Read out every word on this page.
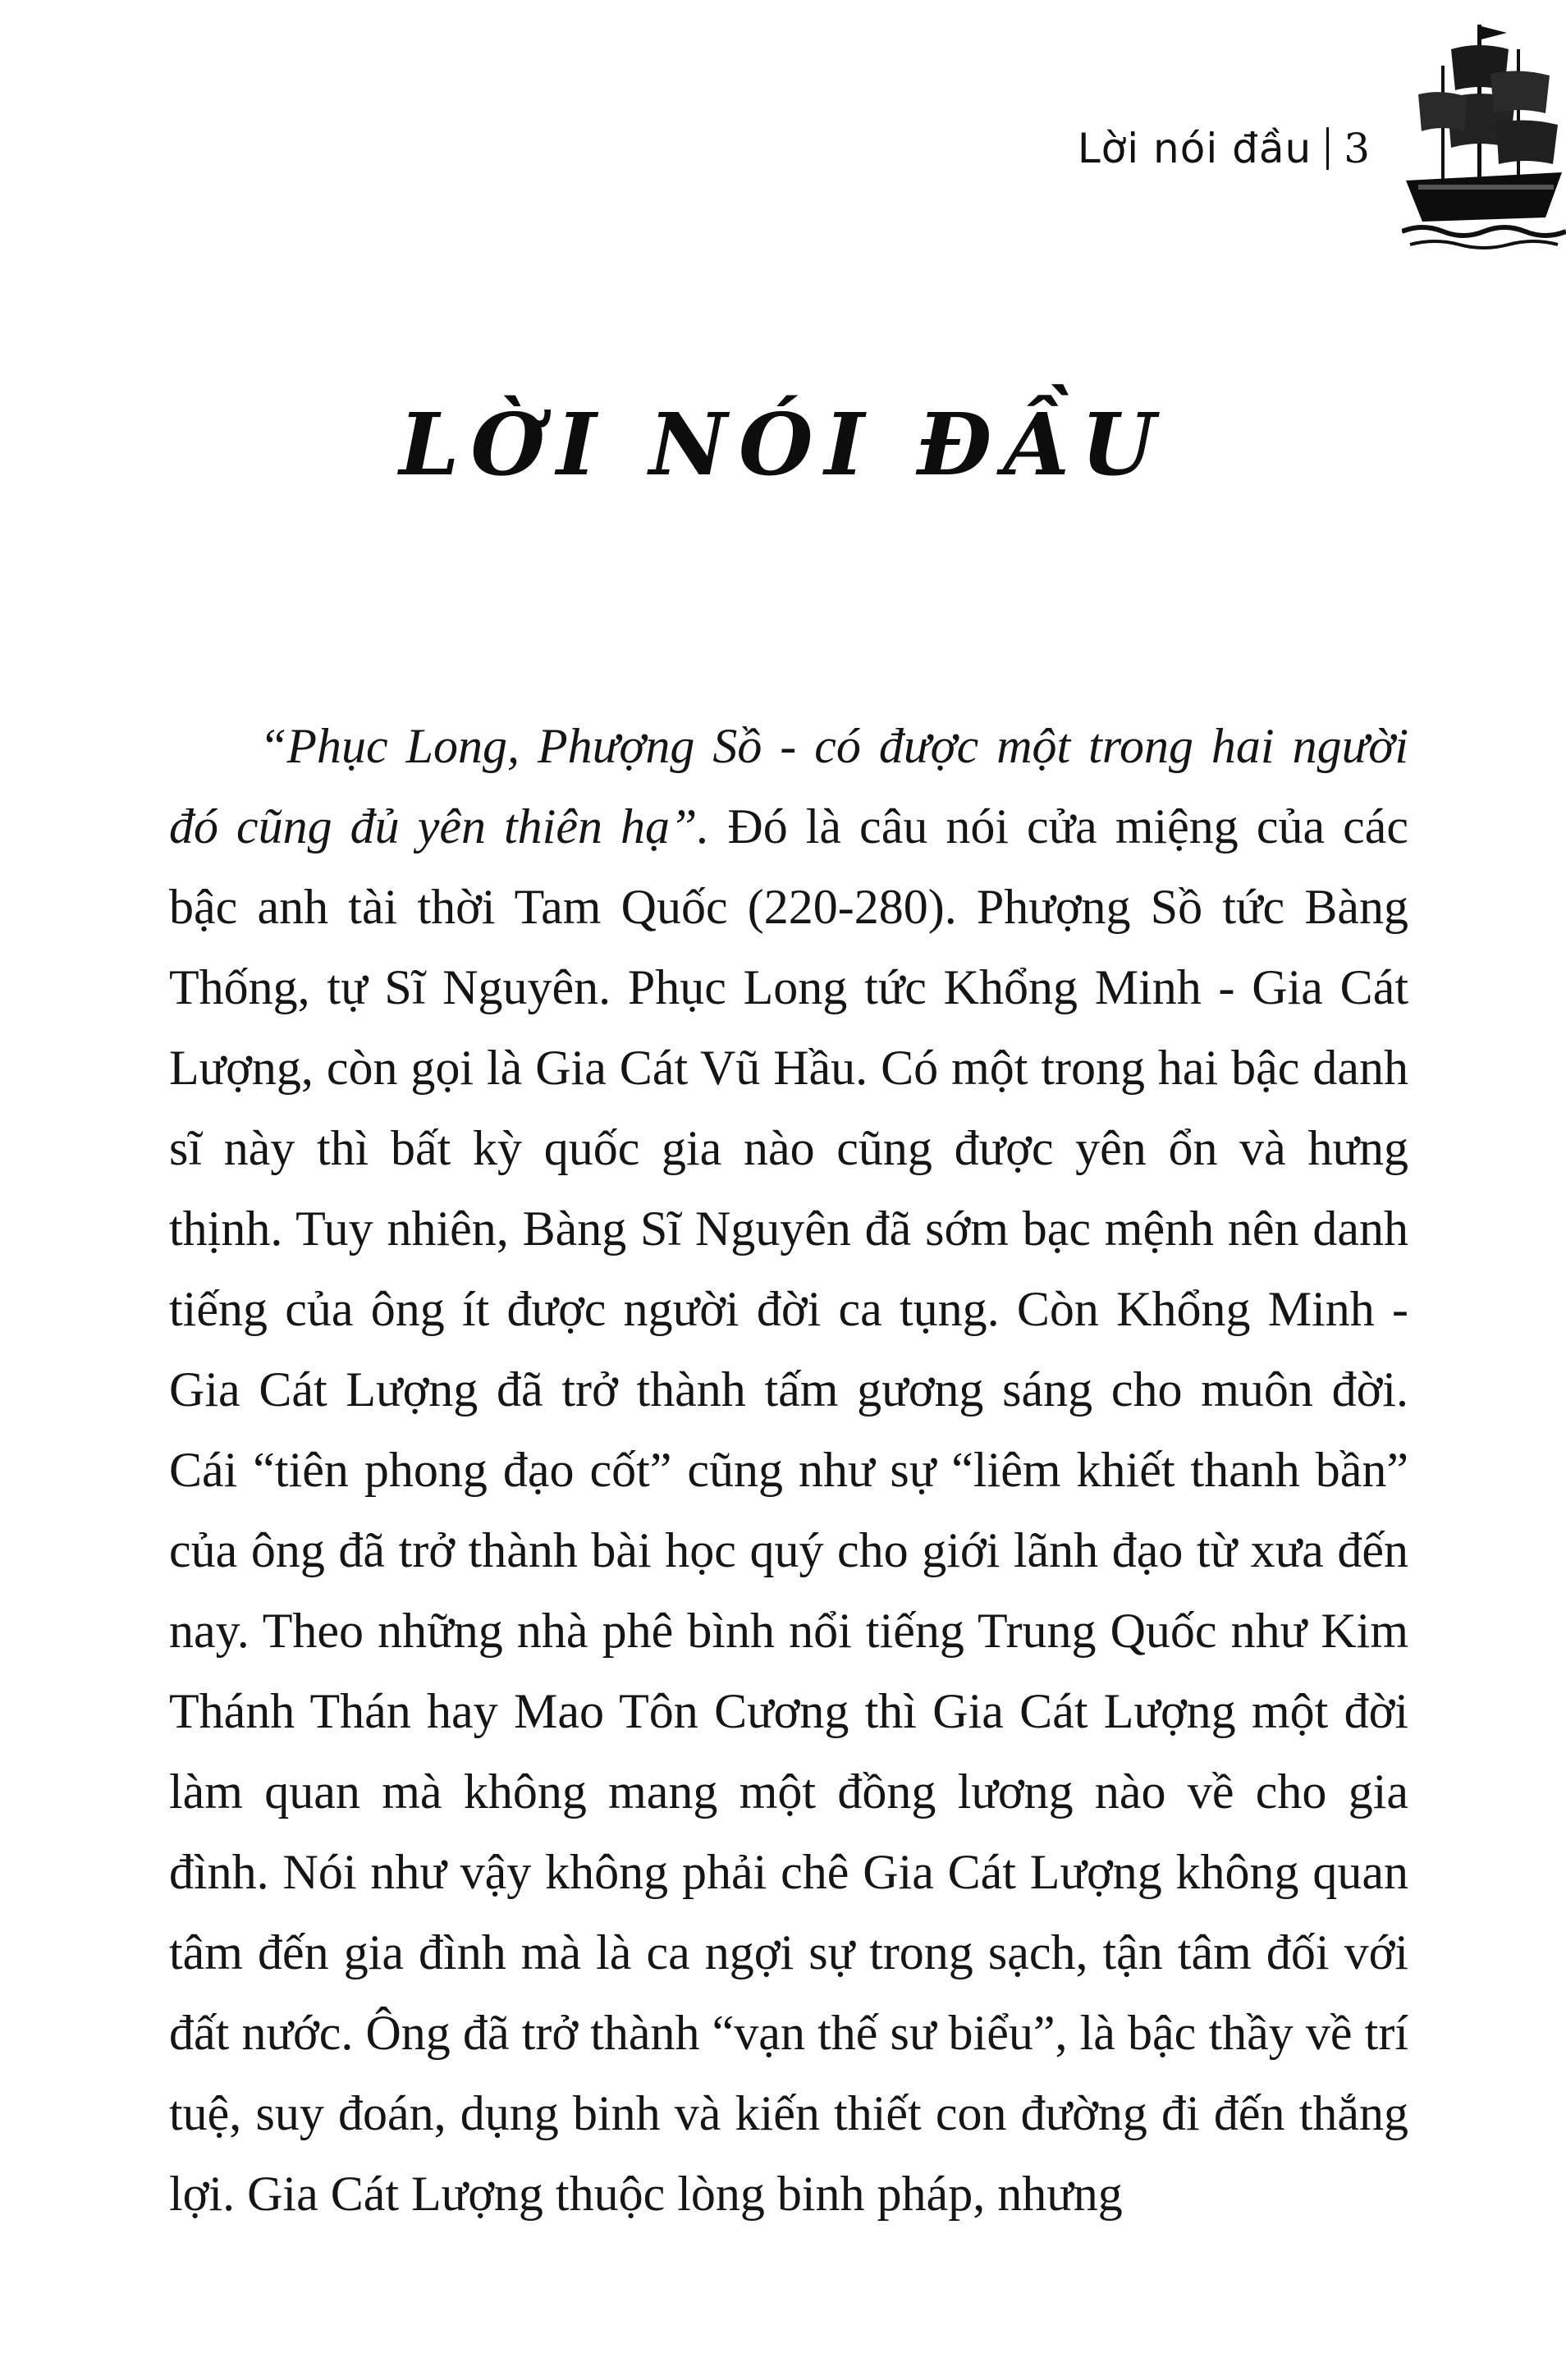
Lời nói đầu 3
LỜI NÓI ĐẦU

“Phục Long, Phượng Sồ - có được một trong hai người đó cũng đủ yên thiên hạ”. Đó là câu nói cửa miệng của các bậc anh tài thời Tam Quốc (220-280). Phượng Sồ tức Bàng Thống, tự Sĩ Nguyên. Phục Long tức Khổng Minh - Gia Cát Lượng, còn gọi là Gia Cát Vũ Hầu. Có một trong hai bậc danh sĩ này thì bất kỳ quốc gia nào cũng được yên ổn và hưng thịnh. Tuy nhiên, Bàng Sĩ Nguyên đã sớm bạc mệnh nên danh tiếng của ông ít được người đời ca tụng. Còn Khổng Minh - Gia Cát Lượng đã trở thành tấm gương sáng cho muôn đời. Cái “tiên phong đạo cốt” cũng như sự “liêm khiết thanh bần” của ông đã trở thành bài học quý cho giới lãnh đạo từ xưa đến nay. Theo những nhà phê bình nổi tiếng Trung Quốc như Kim Thánh Thán hay Mao Tôn Cương thì Gia Cát Lượng một đời làm quan mà không mang một đồng lương nào về cho gia đình. Nói như vậy không phải chê Gia Cát Lượng không quan tâm đến gia đình mà là ca ngợi sự trong sạch, tận tâm đối với đất nước. Ông đã trở thành “vạn thế sư biểu”, là bậc thầy về trí tuệ, suy đoán, dụng binh và kiến thiết con đường đi đến thắng lợi. Gia Cát Lượng thuộc lòng binh pháp, nhưng
